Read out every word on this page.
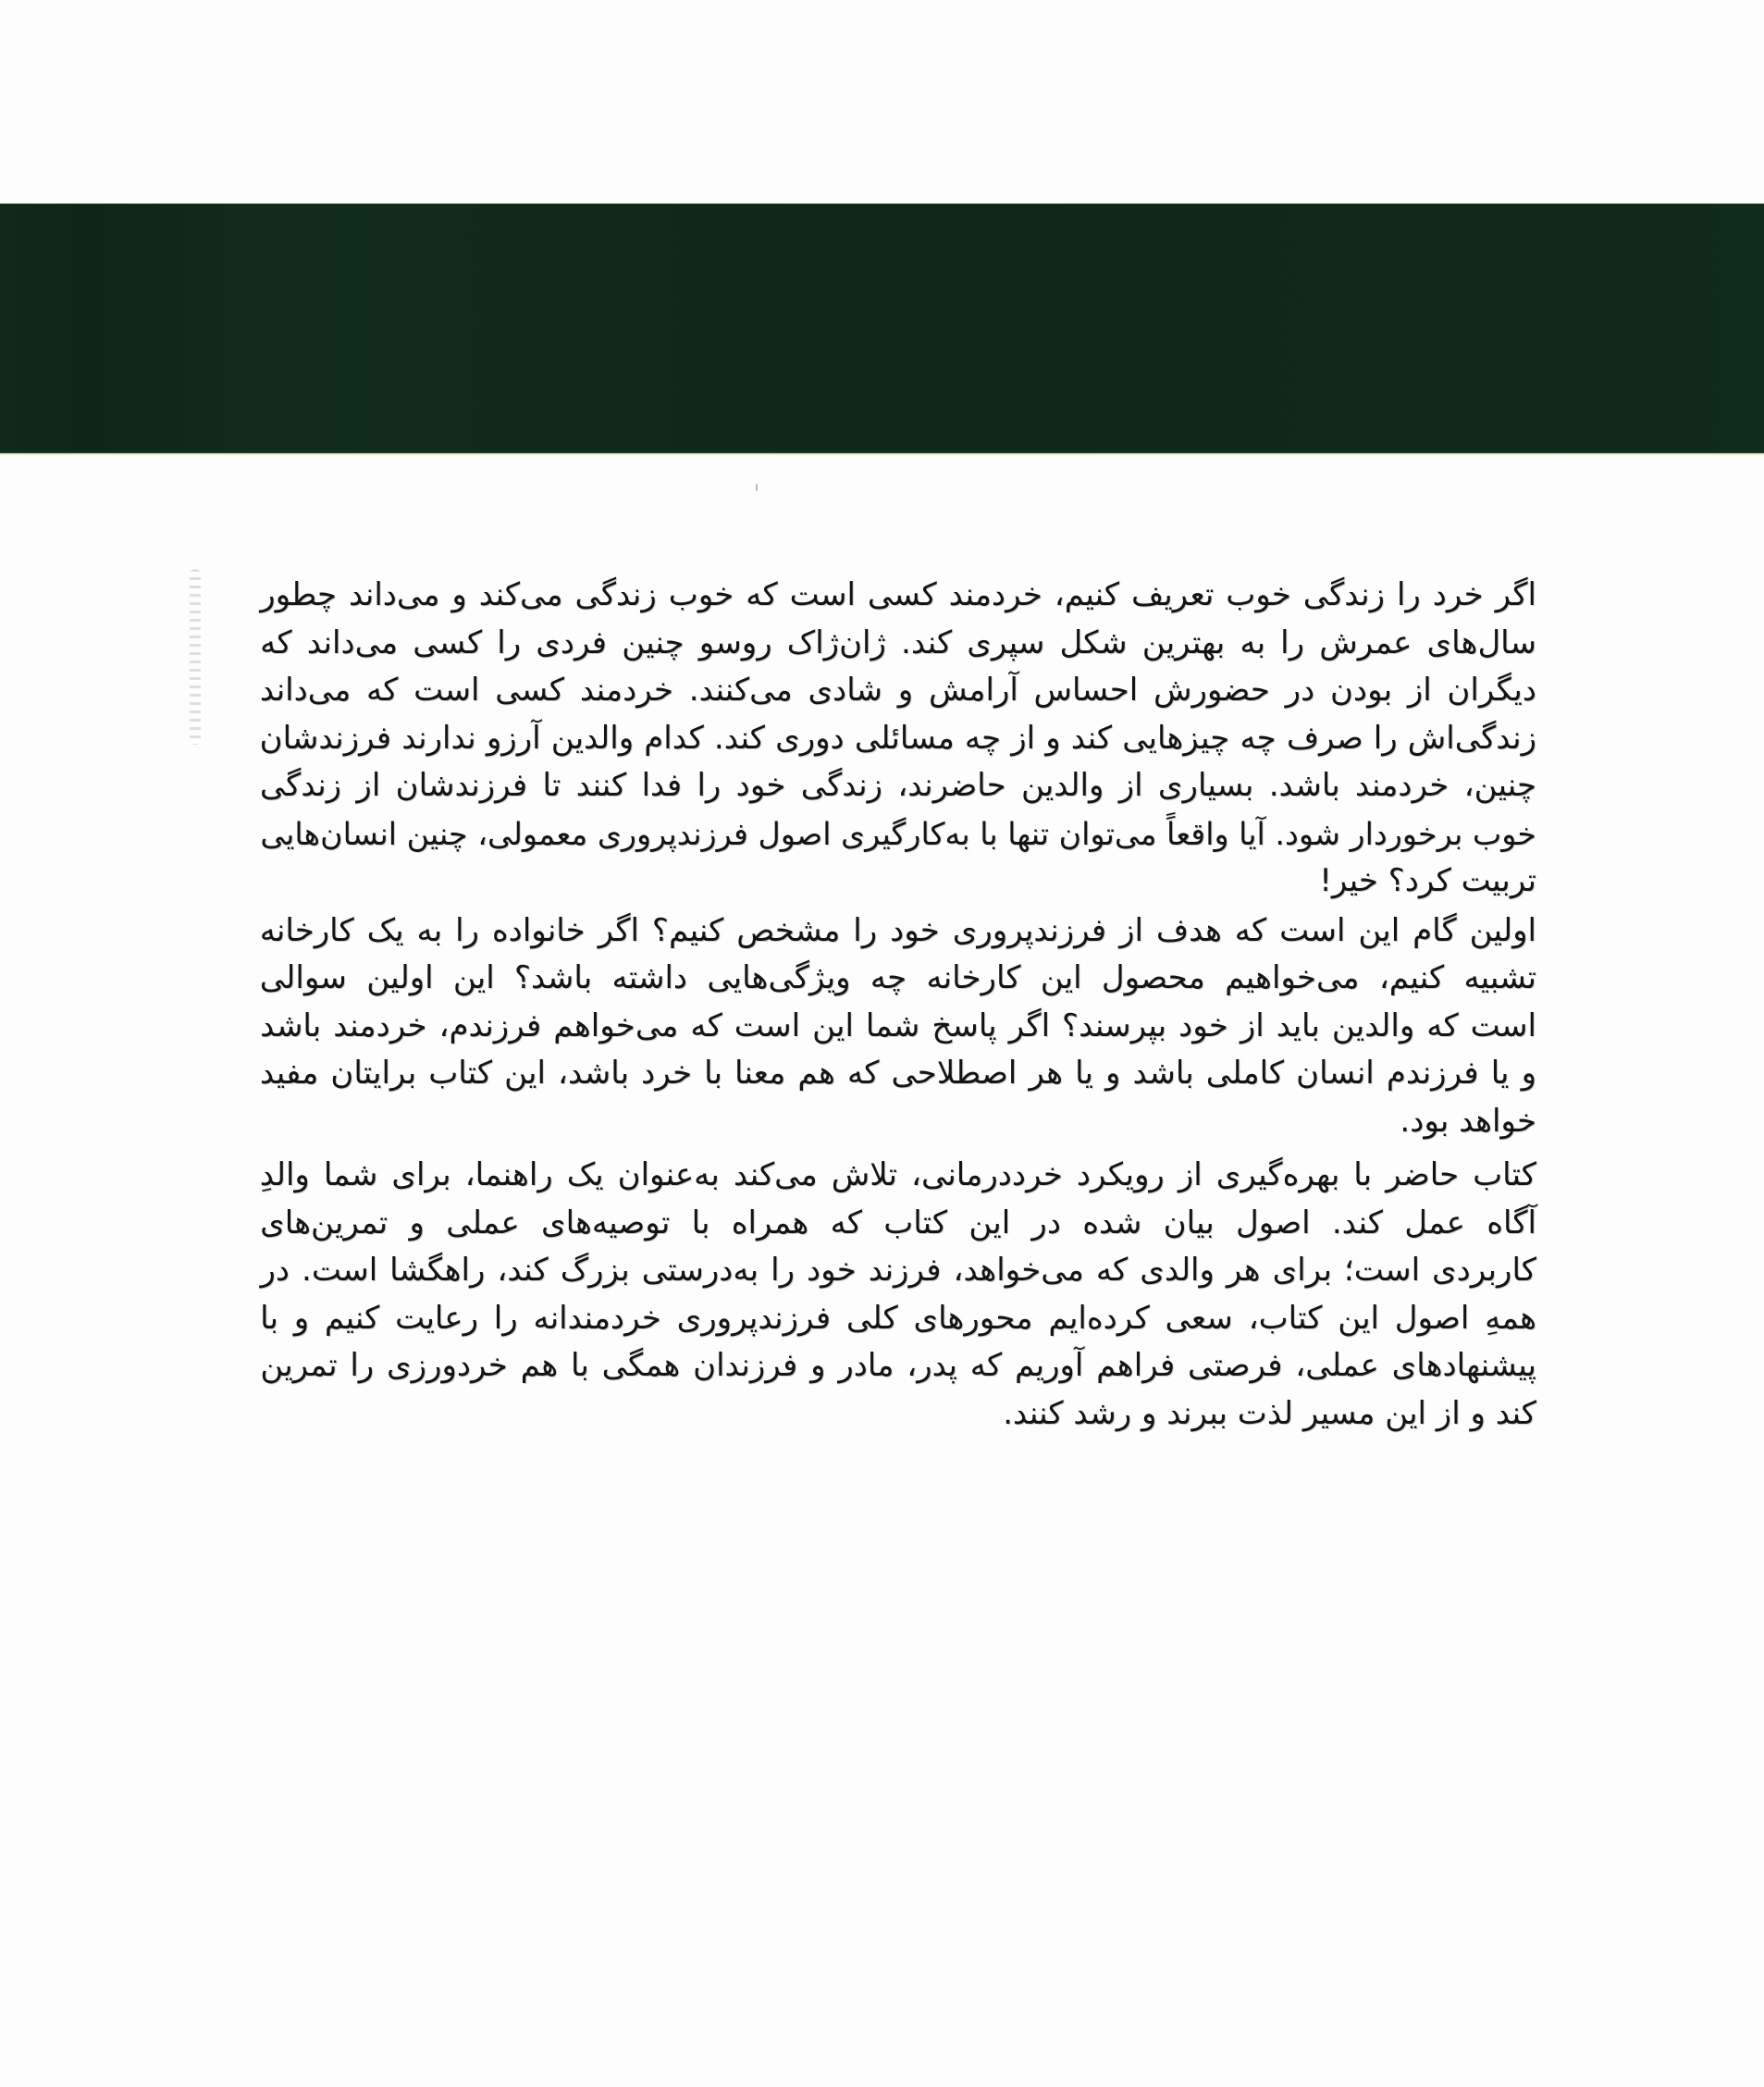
اگر خرد را زندگی خوب تعریف کنیم، خردمند کسی است که خوب زندگی می‌کند و می‌داند چطور
سال‌های عمرش را به بهترین شکل سپری کند. ژان‌ژاک روسو چنین فردی را کسی می‌داند که
دیگران از بودن در حضورش احساس آرامش و شادی می‌کنند. خردمند کسی است که می‌داند
زندگی‌اش را صرف چه چیزهایی کند و از چه مسائلی دوری کند. کدام والدین آرزو ندارند فرزندشان
چنین، خردمند باشد. بسیاری از والدین حاضرند، زندگی خود را فدا کنند تا فرزندشان از زندگی
خوب برخوردار شود. آیا واقعاً می‌توان تنها با به‌کارگیری اصول فرزندپروری معمولی، چنین انسان‌هایی
تربیت کرد؟ خیر!
اولین گام این است که هدف از فرزندپروری خود را مشخص کنیم؟ اگر خانواده را به یک کارخانه
تشبیه کنیم، می‌خواهیم محصول این کارخانه چه ویژگی‌هایی داشته باشد؟ این اولین سوالی
است که والدین باید از خود بپرسند؟ اگر پاسخ شما این است که می‌خواهم فرزندم، خردمند باشد
و یا فرزندم انسان کاملی باشد و یا هر اصطلاحی که هم معنا با خرد باشد، این کتاب برایتان مفید
خواهد بود.
کتاب حاضر با بهره‌گیری از رویکرد خرددرمانی، تلاش می‌کند به‌عنوان یک راهنما، برای شما والدِ
آگاه عمل کند. اصول بیان شده در این کتاب که همراه با توصیه‌های عملی و تمرین‌های
کاربردی است؛ برای هر والدی که می‌خواهد، فرزند خود را به‌درستی بزرگ کند، راهگشا است. در
همهِ اصول این کتاب، سعی کرده‌ایم محورهای کلی فرزندپروری خردمندانه را رعایت کنیم و با
پیشنهادهای عملی، فرصتی فراهم آوریم که پدر، مادر و فرزندان همگی با هم خردورزی را تمرین
کند و از این مسیر لذت ببرند و رشد کنند.
